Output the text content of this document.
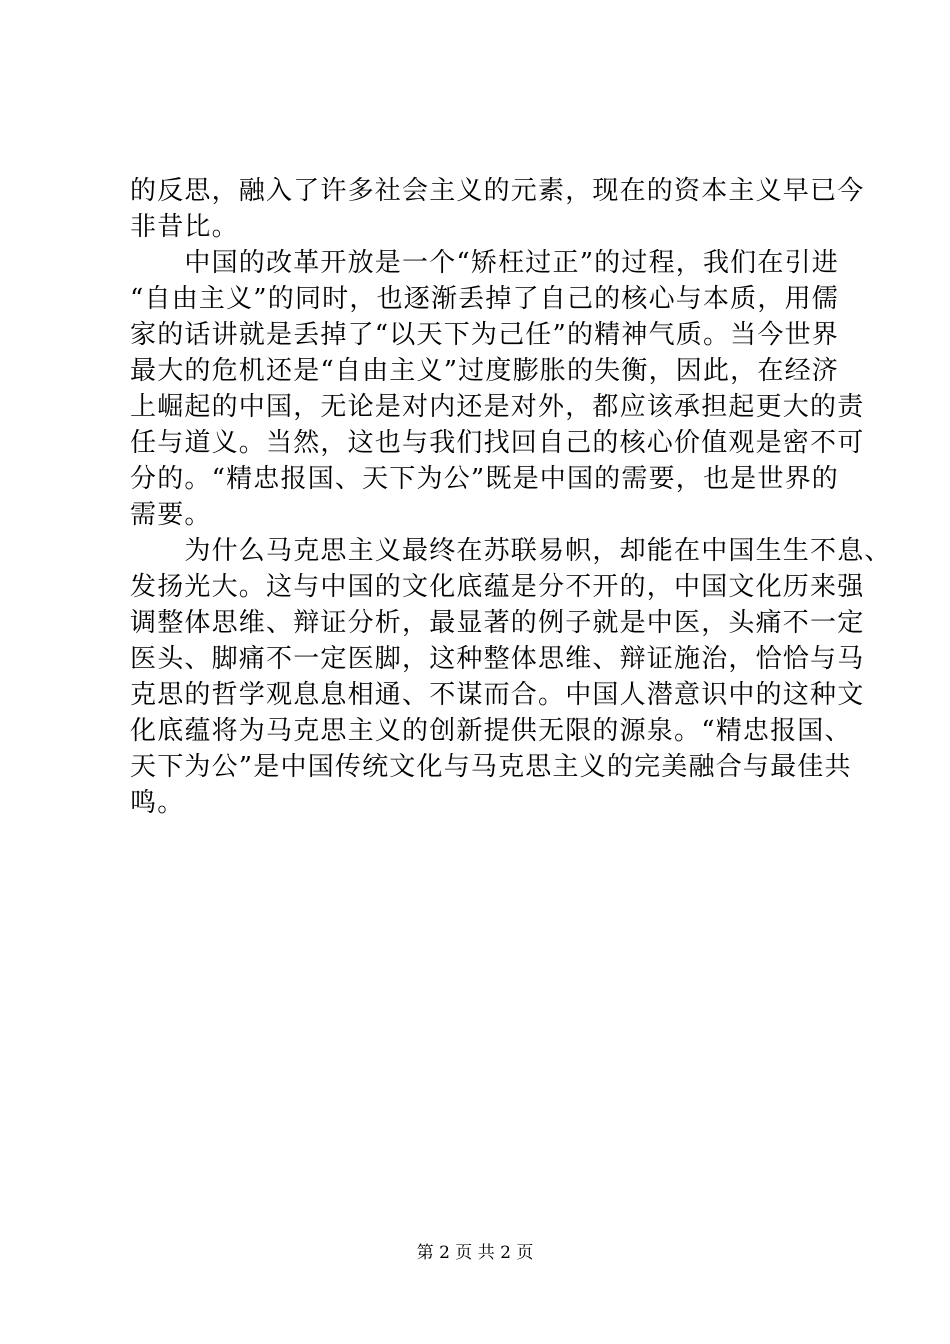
的反思，融入了许多社会主义的元素，现在的资本主义早已今
非昔比。
　　中国的改革开放是一个“矫枉过正”的过程，我们在引进
“自由主义”的同时，也逐渐丢掉了自己的核心与本质，用儒
家的话讲就是丢掉了“以天下为己任”的精神气质。当今世界
最大的危机还是“自由主义”过度膨胀的失衡，因此，在经济
上崛起的中国，无论是对内还是对外，都应该承担起更大的责
任与道义。当然，这也与我们找回自己的核心价值观是密不可
分的。“精忠报国、天下为公”既是中国的需要，也是世界的
需要。
　　为什么马克思主义最终在苏联易帜，却能在中国生生不息、
发扬光大。这与中国的文化底蕴是分不开的，中国文化历来强
调整体思维、辩证分析，最显著的例子就是中医，头痛不一定
医头、脚痛不一定医脚，这种整体思维、辩证施治，恰恰与马
克思的哲学观息息相通、不谋而合。中国人潜意识中的这种文
化底蕴将为马克思主义的创新提供无限的源泉。“精忠报国、
天下为公”是中国传统文化与马克思主义的完美融合与最佳共
鸣。
第 2 页 共 2 页
